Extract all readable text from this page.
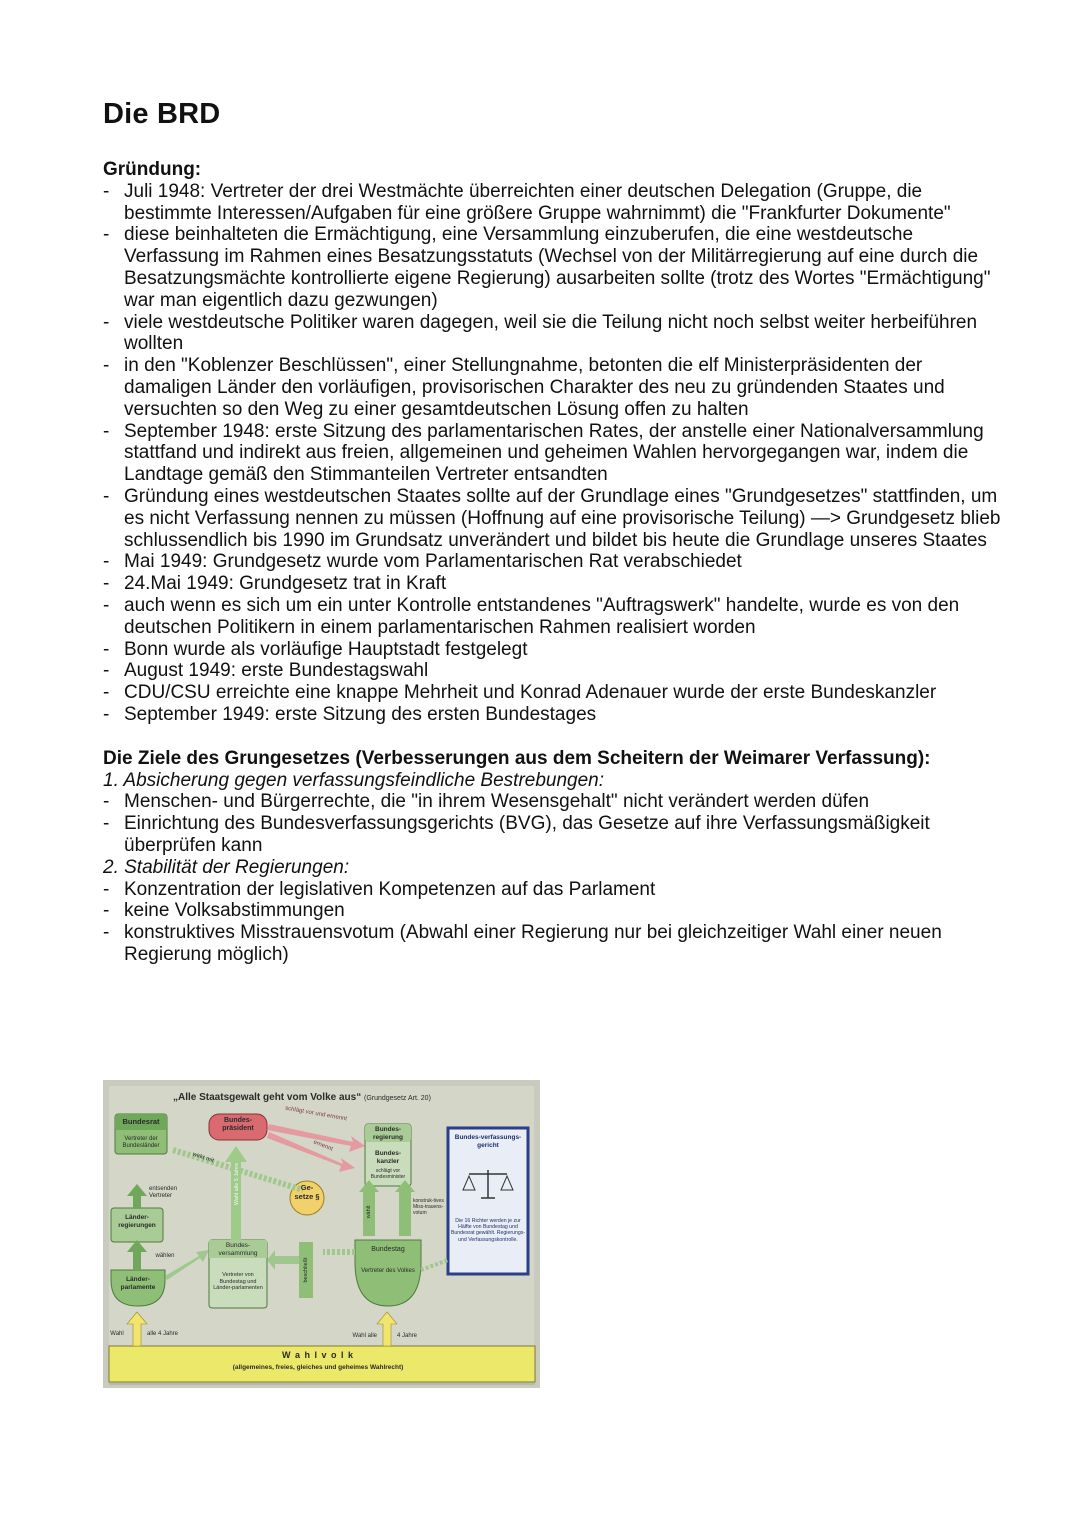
Die BRD

Gründung:

- Juli 1948: Vertreter der drei Westmächte überreichten einer deutschen Delegation (Gruppe, die bestimmte Interessen/Aufgaben für eine größere Gruppe wahrnimmt) die "Frankfurter Dokumente"
- diese beinhalteten die Ermächtigung, eine Versammlung einzuberufen, die eine westdeutsche Verfassung im Rahmen eines Besatzungsstatuts (Wechsel von der Militärregierung auf eine durch die Besatzungsmächte kontrollierte eigene Regierung) ausarbeiten sollte (trotz des Wortes "Ermächtigung" war man eigentlich dazu gezwungen)
- viele westdeutsche Politiker waren dagegen, weil sie die Teilung nicht noch selbst weiter herbeiführen wollten
- in den "Koblenzer Beschlüssen", einer Stellungnahme, betonten die elf Ministerpräsidenten der damaligen Länder den vorläufigen, provisorischen Charakter des neu zu gründenden Staates und versuchten so den Weg zu einer gesamtdeutschen Lösung offen zu halten
- September 1948: erste Sitzung des parlamentarischen Rates, der anstelle einer Nationalversammlung stattfand und indirekt aus freien, allgemeinen und geheimen Wahlen hervorgegangen war, indem die Landtage gemäß den Stimmanteilen Vertreter entsandten
- Gründung eines westdeutschen Staates sollte auf der Grundlage eines "Grundgesetzes" stattfinden, um es nicht Verfassung nennen zu müssen (Hoffnung auf eine provisorische Teilung) —> Grundgesetz blieb schlussendlich bis 1990 im Grundsatz unverändert und bildet bis heute die Grundlage unseres Staates
- Mai 1949: Grundgesetz wurde vom Parlamentarischen Rat verabschiedet
- 24.Mai 1949: Grundgesetz trat in Kraft
- auch wenn es sich um ein unter Kontrolle entstandenes "Auftragswerk" handelte, wurde es von den deutschen Politikern in einem parlamentarischen Rahmen realisiert worden
- Bonn wurde als vorläufige Hauptstadt festgelegt
- August 1949: erste Bundestagswahl
- CDU/CSU erreichte eine knappe Mehrheit und Konrad Adenauer wurde der erste Bundeskanzler
- September 1949: erste Sitzung des ersten Bundestages

Die Ziele des Grungesetzes (Verbesserungen aus dem Scheitern der Weimarer Verfassung):

1. Absicherung gegen verfassungsfeindliche Bestrebungen:

- Menschen- und Bürgerrechte, die "in ihrem Wesensgehalt" nicht verändert werden düfen
- Einrichtung des Bundesverfassungsgerichts (BVG), das Gesetze auf ihre Verfassungsmäßigkeit überprüfen kann

2. Stabilität der Regierungen:

- Konzentration der legislativen Kompetenzen auf das Parlament
- keine Volksabstimmungen
- konstruktives Misstrauensvotum (Abwahl einer Regierung nur bei gleichzeitiger Wahl einer neuen Regierung möglich)
„Alle Staatsgewalt geht vom Volke aus“ (Grundgesetz Art. 20)
Bundesrat
Vertreter der Bundesländer
Bundes-präsident
schlägt vor und ernennt
ernennt
wirkt mit
Bundes-regierung
Bundes-kanzler
schlägt vor Bundesminister
Bundes-verfassungs-gericht
Die 16 Richter werden je zur Hälfte von Bundestag und Bundesrat gewählt. Regierungs- und Verfassungskontrolle.
entsenden Vertreter	Wahl alle 5 Jahre	Ge-setze §
Länder-regierungen
wählen
Länder-parlamente
Bundes-versammlung
Vertreter von Bundestag und Länder-parlamenten
beschließt
wählt
konstruk-tives Miss-trauens-votum
Bundestag
Vertreter des Volkes
Wahl	alle 4 Jahre	Wahl alle	4 Jahre
W a h l v o l k
(allgemeines, freies, gleiches und geheimes Wahlrecht)
